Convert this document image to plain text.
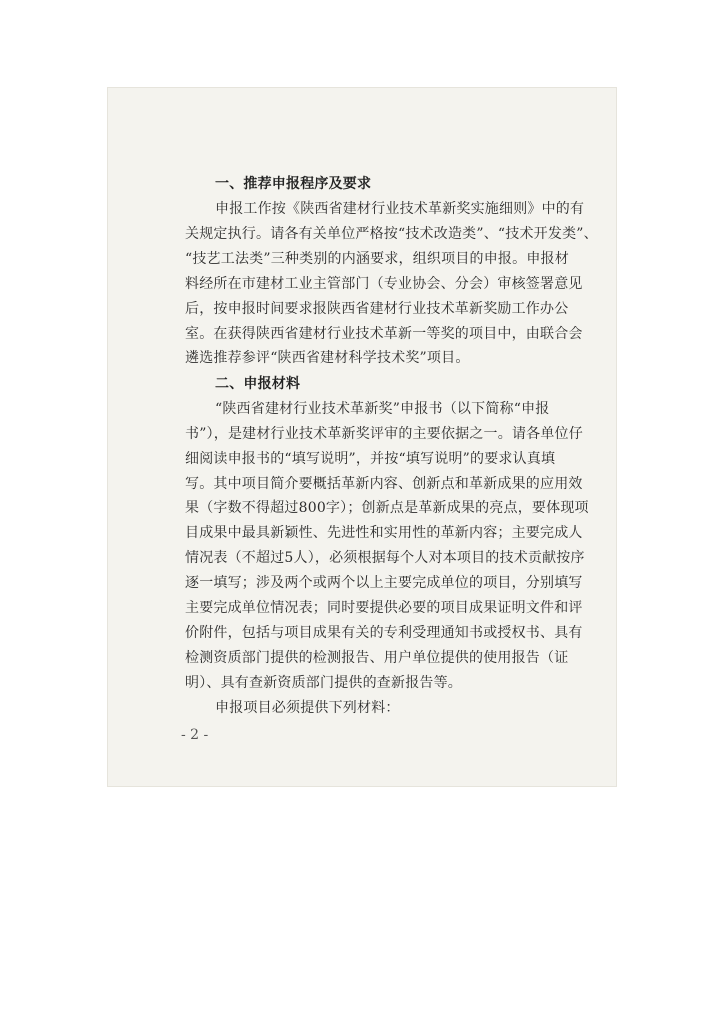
一、推荐申报程序及要求
申报工作按《陕西省建材行业技术革新奖实施细则》中的有
关规定执行。请各有关单位严格按“技术改造类”、“技术开发类”、
“技艺工法类”三种类别的内涵要求，组织项目的申报。申报材
料经所在市建材工业主管部门（专业协会、分会）审核签署意见
后，按申报时间要求报陕西省建材行业技术革新奖励工作办公
室。在获得陕西省建材行业技术革新一等奖的项目中，由联合会
遴选推荐参评“陕西省建材科学技术奖”项目。
二、申报材料
“陕西省建材行业技术革新奖”申报书（以下简称“申报
书”），是建材行业技术革新奖评审的主要依据之一。请各单位仔
细阅读申报书的“填写说明”，并按“填写说明”的要求认真填
写。其中项目简介要概括革新内容、创新点和革新成果的应用效
果（字数不得超过800字）；创新点是革新成果的亮点，要体现项
目成果中最具新颖性、先进性和实用性的革新内容；主要完成人
情况表（不超过5人），必须根据每个人对本项目的技术贡献按序
逐一填写；涉及两个或两个以上主要完成单位的项目，分别填写
主要完成单位情况表；同时要提供必要的项目成果证明文件和评
价附件，包括与项目成果有关的专利受理通知书或授权书、具有
检测资质部门提供的检测报告、用户单位提供的使用报告（证
明）、具有查新资质部门提供的查新报告等。
申报项目必须提供下列材料：
- 2 -
